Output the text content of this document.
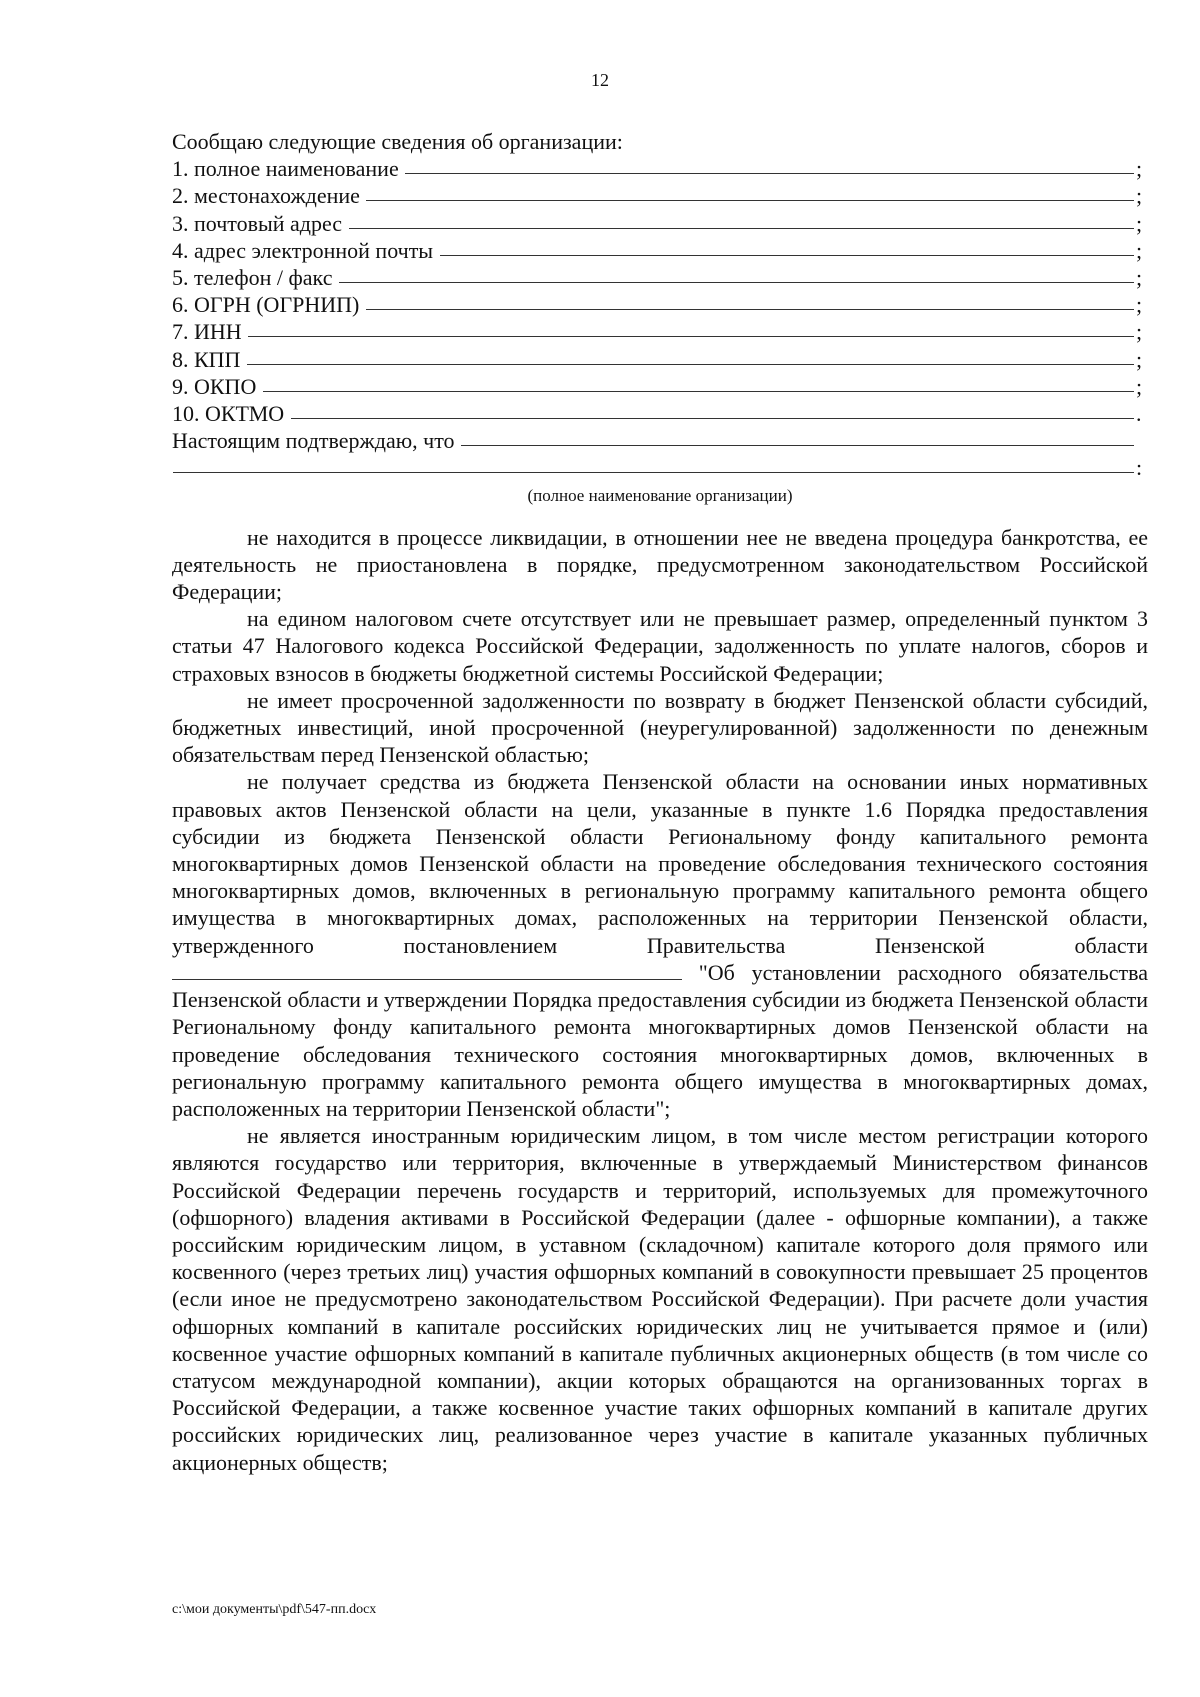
12
Сообщаю следующие сведения об организации:
1. полное наименование	;
2. местонахождение	;
3. почтовый адрес	;
4. адрес электронной почты	;
5. телефон / факс	;
6. ОГРН (ОГРНИП)	;
7. ИНН	;
8. КПП	;
9. ОКПО	;
10. ОКТМО	.
Настоящим подтверждаю, что
:
(полное наименование организации)

не находится в процессе ликвидации, в отношении нее не введена процедура банкротства, ее деятельность не приостановлена в порядке, предусмотренном законодательством Российской Федерации;

на едином налоговом счете отсутствует или не превышает размер, определенный пунктом 3 статьи 47 Налогового кодекса Российской Федерации, задолженность по уплате налогов, сборов и страховых взносов в бюджеты бюджетной системы Российской Федерации;

не имеет просроченной задолженности по возврату в бюджет Пензенской области субсидий, бюджетных инвестиций, иной просроченной (неурегулированной) задолженности по денежным обязательствам перед Пензенской областью;

не получает средства из бюджета Пензенской области на основании иных нормативных правовых актов Пензенской области на цели, указанные в пункте 1.6 Порядка предоставления субсидии из бюджета Пензенской области Региональному фонду капитального ремонта многоквартирных домов Пензенской области на проведение обследования технического состояния многоквартирных домов, включенных в региональную программу капитального ремонта общего имущества в многоквартирных домах, расположенных на территории Пензенской области, утвержденного постановлением Правительства Пензенской области  "Об установлении расходного обязательства Пензенской области и утверждении Порядка предоставления субсидии из бюджета Пензенской области Региональному фонду капитального ремонта многоквартирных домов Пензенской области на проведение обследования технического состояния многоквартирных домов, включенных в региональную программу капитального ремонта общего имущества в многоквартирных домах, расположенных на территории Пензенской области";

не является иностранным юридическим лицом, в том числе местом регистрации которого являются государство или территория, включенные в утверждаемый Министерством финансов Российской Федерации перечень государств и территорий, используемых для промежуточного (офшорного) владения активами в Российской Федерации (далее - офшорные компании), а также российским юридическим лицом, в уставном (складочном) капитале которого доля прямого или косвенного (через третьих лиц) участия офшорных компаний в совокупности превышает 25 процентов (если иное не предусмотрено законодательством Российской Федерации). При расчете доли участия офшорных компаний в капитале российских юридических лиц не учитывается прямое и (или) косвенное участие офшорных компаний в капитале публичных акционерных обществ (в том числе со статусом международной компании), акции которых обращаются на организованных торгах в Российской Федерации, а также косвенное участие таких офшорных компаний в капитале других российских юридических лиц, реализованное через участие в капитале указанных публичных акционерных обществ;

c:\мои документы\pdf\547-пп.docx
